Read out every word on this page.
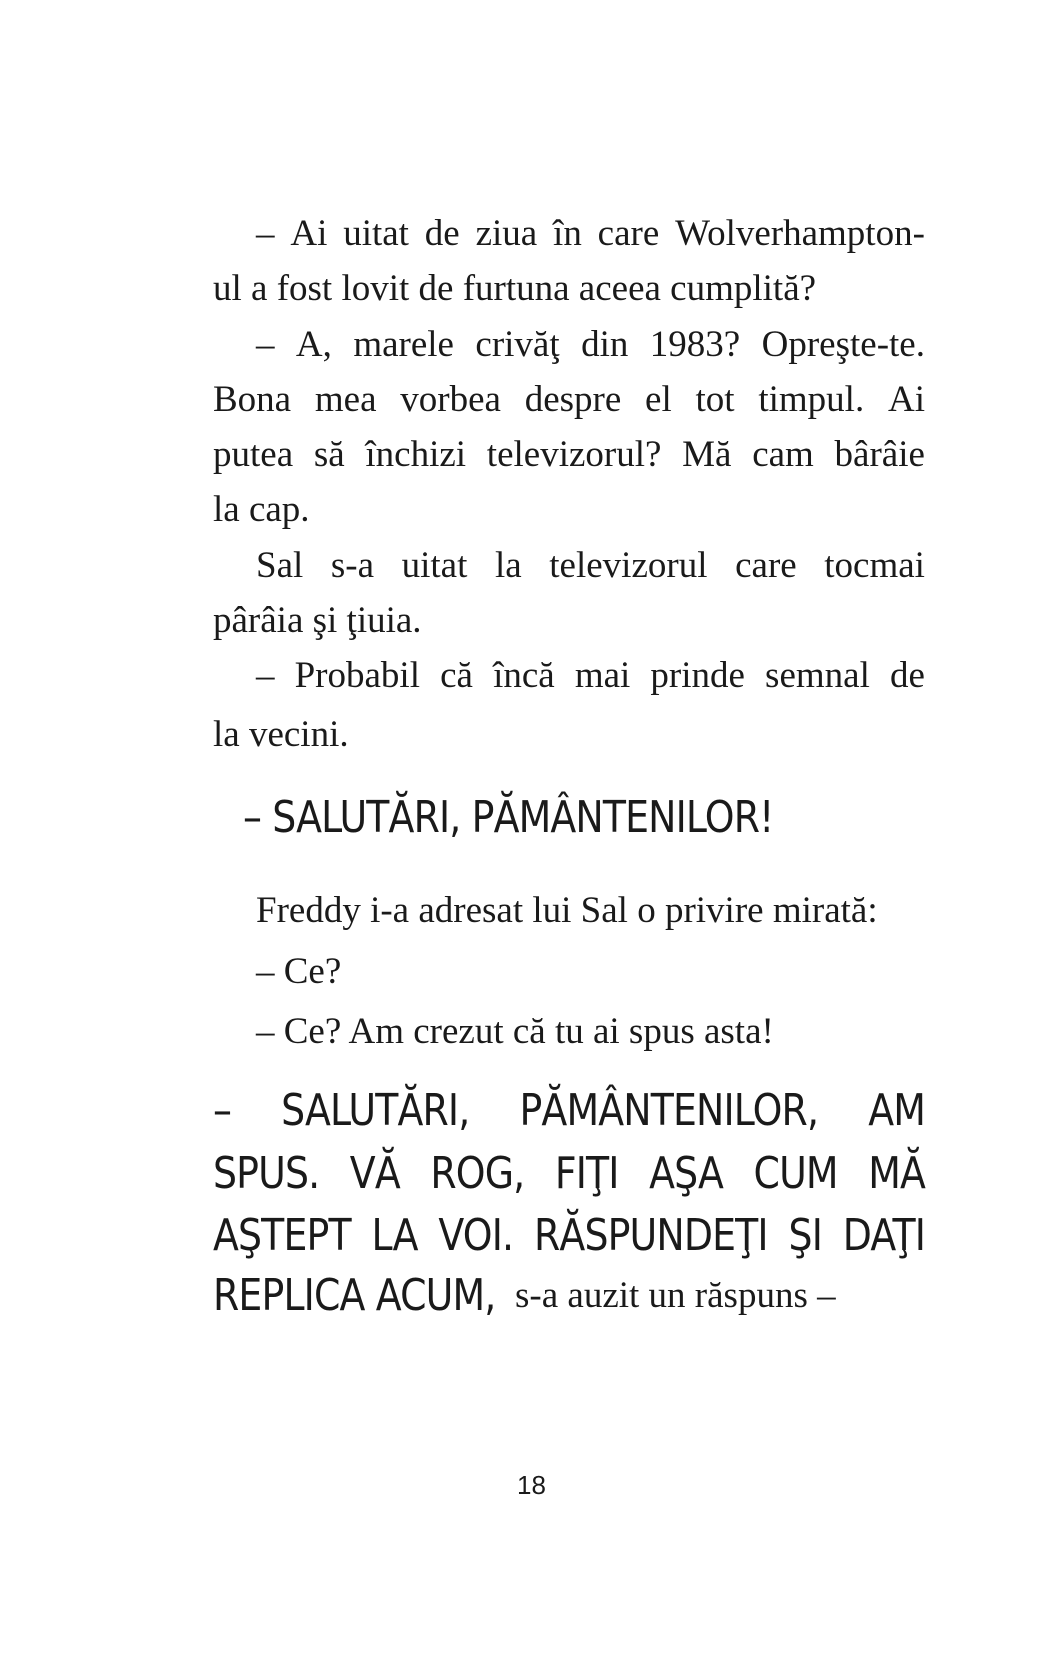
– Ai uitat de ziua în care Wolverhampton-

ul a fost lovit de furtuna aceea cumplită?

– A, marele crivăţ din 1983? Opreşte-te.

Bona mea vorbea despre el tot timpul. Ai

putea să închizi televizorul? Mă cam bârâie

la cap.

Sal s-a uitat la televizorul care tocmai

pârâia şi ţiuia.

– Probabil că încă mai prinde semnal de

la vecini.

– SALUTĂRI, PĂMÂNTENILOR!

Freddy i-a adresat lui Sal o privire mirată:

– Ce?

– Ce? Am crezut că tu ai spus asta!

– SALUTĂRI, PĂMÂNTENILOR, AM
SPUS. VĂ ROG, FIŢI AŞA CUM MĂ
AŞTEPT LA VOI. RĂSPUNDEŢI ŞI DAŢI
REPLICA ACUM, s-a auzit un răspuns –
18
